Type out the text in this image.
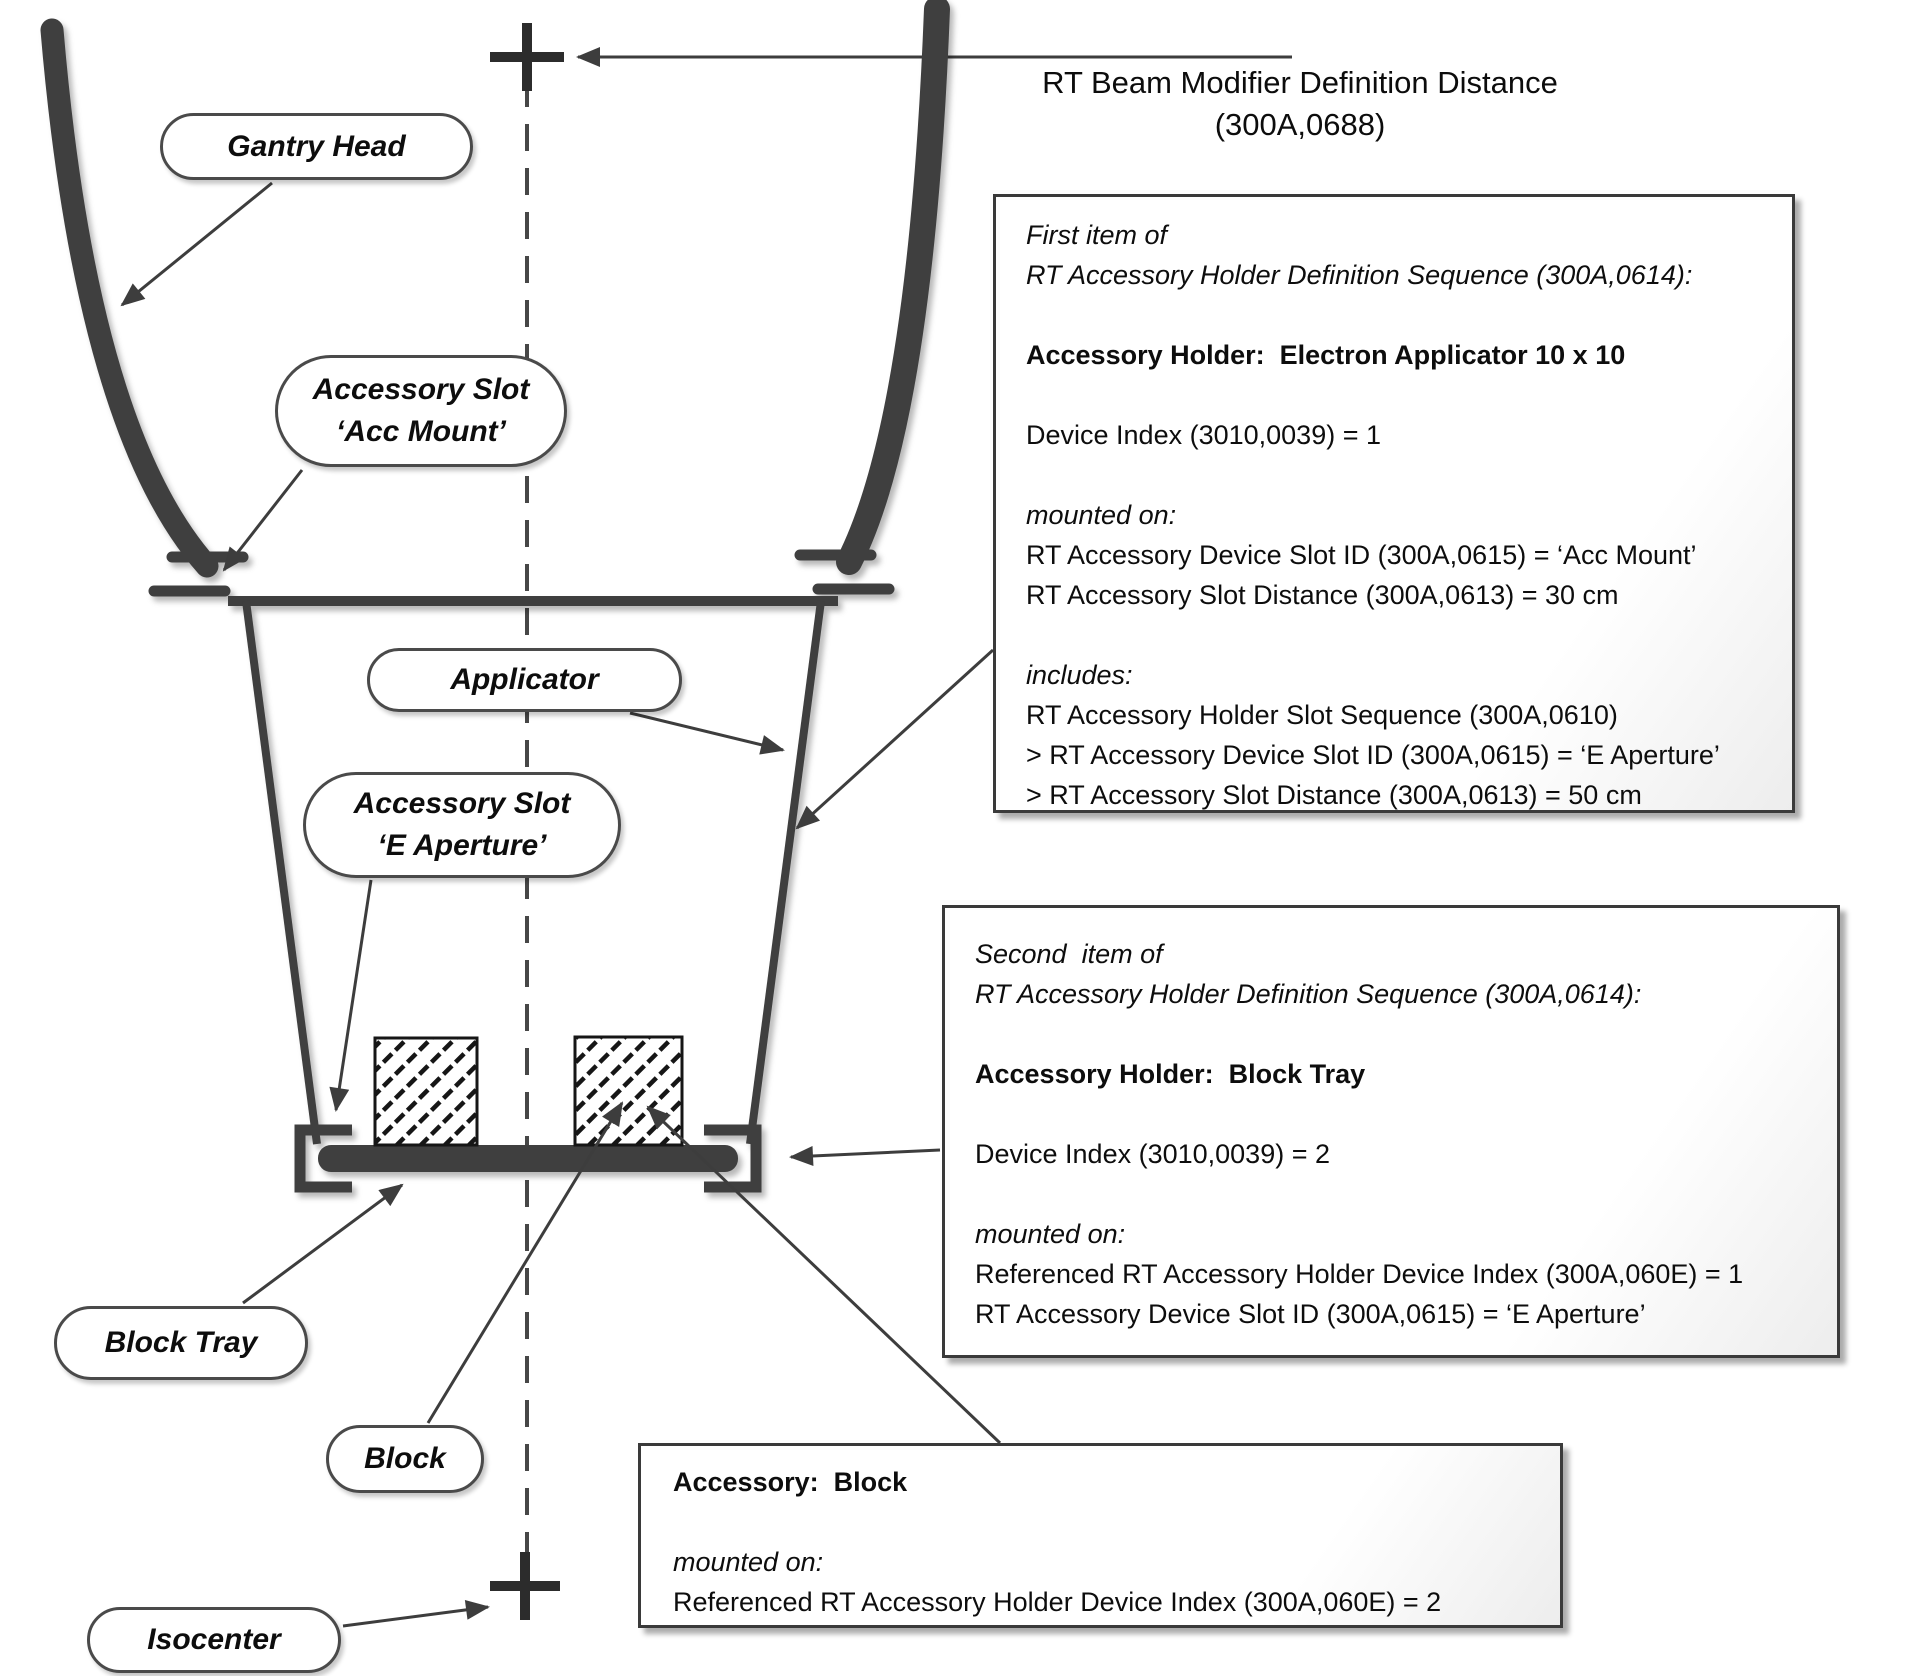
RT Beam Modifier Definition Distance
(300A,0688)
Gantry Head
Accessory Slot
‘Acc Mount’
Applicator
Accessory Slot
‘E Aperture’
Block Tray
Block
Isocenter
First item of
RT Accessory Holder Definition Sequence (300A,0614):
Accessory Holder:  Electron Applicator 10 x 10
Device Index (3010,0039) = 1
mounted on:
RT Accessory Device Slot ID (300A,0615) = ‘Acc Mount’
RT Accessory Slot Distance (300A,0613) = 30 cm
includes:
RT Accessory Holder Slot Sequence (300A,0610)
> RT Accessory Device Slot ID (300A,0615) = ‘E Aperture’
> RT Accessory Slot Distance (300A,0613) = 50 cm
Second  item of
RT Accessory Holder Definition Sequence (300A,0614):
Accessory Holder:  Block Tray
Device Index (3010,0039) = 2
mounted on:
Referenced RT Accessory Holder Device Index (300A,060E) = 1
RT Accessory Device Slot ID (300A,0615) = ‘E Aperture’
Accessory:  Block
mounted on:
Referenced RT Accessory Holder Device Index (300A,060E) = 2
